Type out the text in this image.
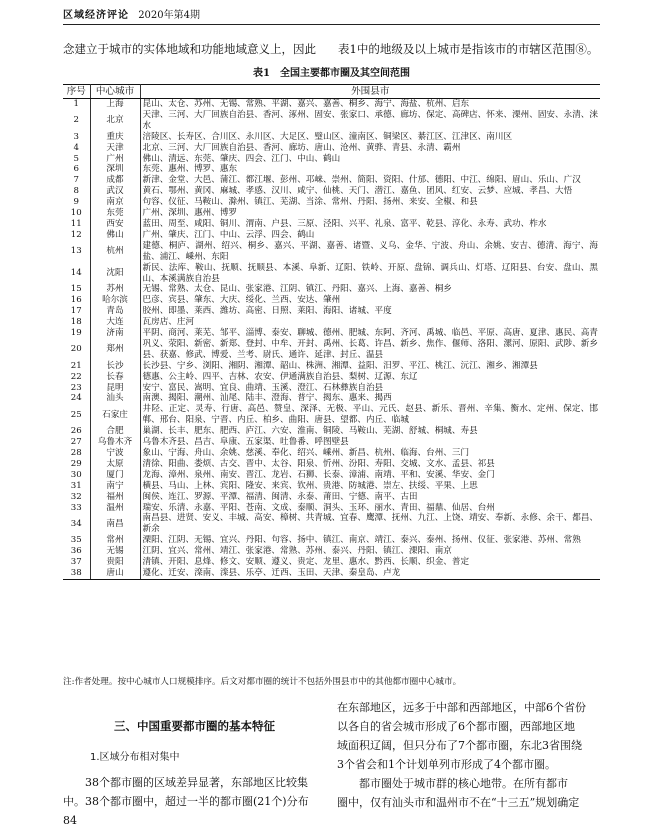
区域经济评论 2020年第4期
念建立于城市的实体地域和功能地域意义上，因此 表1中的地级及以上城市是指该市的市辖区范围⑧。
表1　全国主要都市圈及其空间范围
序号	中心城市	外围县市
1	上海	昆山、太仓、苏州、无锡、常熟、平湖、嘉兴、嘉善、桐乡、海宁、海盐、杭州、启东
2	北京	天津、三河、大厂回族自治县、香河、涿州、固安、张家口、承德、廊坊、保定、高碑店、怀来、溧州、固安、永清、涞水
3	重庆	涪陵区、长寿区、合川区、永川区、大足区、璧山区、潼南区、铜梁区、綦江区、江津区、南川区
4	天津	北京、三河、大厂回族自治县、香河、廊坊、唐山、沧州、黄骅、青县、永清、霸州
5	广州	佛山、清远、东莞、肇庆、四会、江门、中山、鹤山
6	深圳	东莞、惠州、博罗、惠东
7	成都	新津、金堂、大邑、蒲江、都江堰、彭州、邛崃、崇州、简阳、资阳、什邡、德阳、中江、绵阳、眉山、乐山、广汉
8	武汉	黄石、鄂州、黄冈、麻城、孝感、汉川、咸宁、仙桃、天门、潜江、嘉鱼、团风、红安、云梦、应城、孝昌、大悟
9	南京	句容、仪征、马鞍山、滁州、镇江、芜湖、当涂、常州、丹阳、扬州、来安、全椒、和县
10	东莞	广州、深圳、惠州、博罗
11	西安	蓝田、周至、咸阳、铜川、渭南、户县、三原、泾阳、兴平、礼泉、富平、乾县、淳化、永寿、武功、柞水
12	佛山	广州、肇庆、江门、中山、云浮、四会、鹤山
13	杭州	建德、桐庐、湖州、绍兴、桐乡、嘉兴、平湖、嘉善、诸暨、义乌、金华、宁波、舟山、余姚、安吉、德清、海宁、海盐、浦江、嵊州、东阳
14	沈阳	新民、法库、鞍山、抚顺、抚顺县、本溪、阜新、辽阳、铁岭、开原、盘锦、调兵山、灯塔、辽阳县、台安、盘山、黑山、本溪满族自治县
15	苏州	无锡、常熟、太仓、昆山、张家港、江阴、镇江、丹阳、嘉兴、上海、嘉善、桐乡
16	哈尔滨	巴彦、宾县、肇东、大庆、绥化、兰西、安达、肇州
17	青岛	胶州、即墨、莱西、潍坊、高密、日照、莱阳、海阳、诸城、平度
18	大连	瓦房店、庄河
19	济南	平阴、商河、莱芜、邹平、淄博、泰安、聊城、德州、肥城、东阿、齐河、禹城、临邑、平原、高唐、夏津、惠民、高青
20	郑州	巩义、荥阳、新密、新郑、登封、中牟、开封、禹州、长葛、许昌、新乡、焦作、偃师、洛阳、漯河、原阳、武陟、新乡县、获嘉、修武、博爱、兰考、尉氏、通许、延津、封丘、温县
21	长沙	长沙县、宁乡、浏阳、湘阴、湘潭、韶山、株洲、湘潭、益阳、汨罗、平江、桃江、沅江、湘乡、湘潭县
22	长春	德惠、公主岭、四平、吉林、农安、伊通满族自治县、梨树、辽源、东辽
23	昆明	安宁、富民、嵩明、宜良、曲靖、玉溪、澄江、石林彝族自治县
24	汕头	南澳、揭阳、潮州、汕尾、陆丰、澄海、普宁、揭东、惠来、揭西
25	石家庄	井陉、正定、灵寿、行唐、高邑、赞皇、深泽、无极、平山、元氏、赵县、新乐、晋州、辛集、衡水、定州、保定、邯郸、邢台、阳泉、宁晋、内丘、柏乡、曲阳、唐县、望都、内丘、临城
26	合肥	巢湖、长丰、肥东、肥西、庐江、六安、淮南、铜陵、马鞍山、芜湖、舒城、桐城、寿县
27	乌鲁木齐	乌鲁木齐县、昌吉、阜康、五家渠、吐鲁番、呼图壁县
28	宁波	象山、宁海、舟山、余姚、慈溪、奉化、绍兴、嵊州、新昌、杭州、临海、台州、三门
29	太原	清徐、阳曲、娄烦、古交、晋中、太谷、阳泉、忻州、汾阳、寿阳、交城、文水、孟县、祁县
30	厦门	龙海、漳州、泉州、南安、晋江、龙岩、石狮、长泰、漳浦、南靖、平和、安溪、华安、金门
31	南宁	横县、马山、上林、宾阳、隆安、来宾、钦州、贵港、防城港、崇左、扶绥、平果、上思
32	福州	闽侯、连江、罗源、平潭、福清、闽清、永泰、莆田、宁德、南平、古田
33	温州	瑞安、乐清、永嘉、平阳、苍南、文成、泰顺、洞头、玉环、丽水、青田、福鼎、仙居、台州
34	南昌	南昌县、进贤、安义、丰城、高安、樟树、共青城、宜春、鹰潭、抚州、九江、上饶、靖安、奉新、永修、余干、都昌、新余
35	常州	溧阳、江阴、无锡、宜兴、丹阳、句容、扬中、镇江、南京、靖江、泰兴、泰州、扬州、仪征、张家港、苏州、常熟
36	无锡	江阴、宜兴、常州、靖江、张家港、常熟、苏州、泰兴、丹阳、镇江、溧阳、南京
37	贵阳	清镇、开阳、息烽、修文、安顺、遵义、贵定、龙里、惠水、黔西、长顺、织金、普定
38	唐山	遵化、迁安、滦南、滦县、乐亭、迁西、玉田、天津、秦皇岛、卢龙
注:作者处理。按中心城市人口规模排序。后文对都市圈的统计不包括外围县市中的其他都市圈中心城市。
三、中国重要都市圈的基本特征
1.区域分布相对集中

38个都市圈的区域差异显著，东部地区比较集

中。38个都市圈中，超过一半的都市圈(21个)分布

在东部地区，远多于中部和西部地区，中部6个省份

以各自的省会城市形成了6个都市圈，西部地区地

域面积辽阔，但只分布了7个都市圈，东北3省围绕

3个省会和1个计划单列市形成了4个都市圈。

都市圈处于城市群的核心地带。在所有都市

圈中，仅有汕头市和温州市不在“十三五”规划确定

84
